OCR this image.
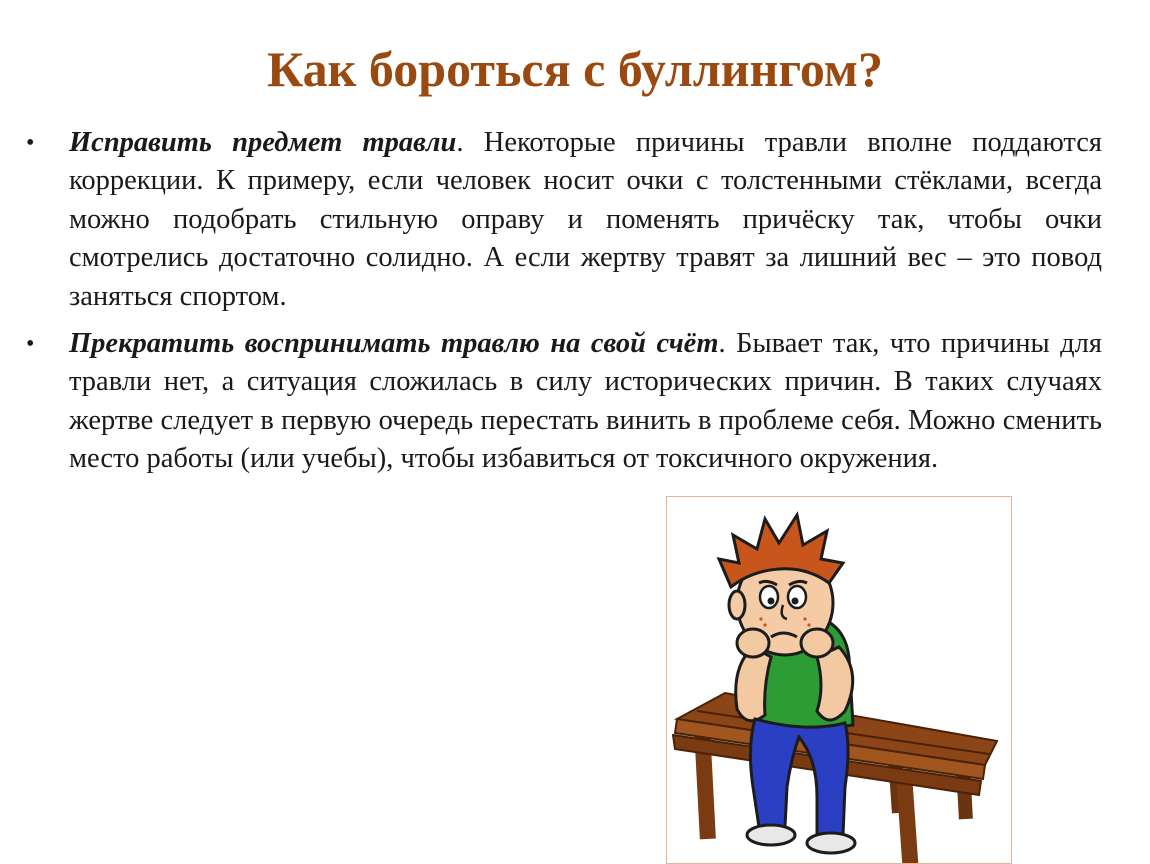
Как бороться с буллингом?
• Исправить предмет травли. Некоторые причины травли вполне поддаются коррекции. К примеру, если человек носит очки с толстенными стёклами, всегда можно подобрать стильную оправу и поменять причёску так, чтобы очки смотрелись достаточно солидно. А если жертву травят за лишний вес – это повод заняться спортом.
• Прекратить воспринимать травлю на свой счёт. Бывает так, что причины для травли нет, а ситуация сложилась в силу исторических причин. В таких случаях жертве следует в первую очередь перестать винить в проблеме себя. Можно сменить место работы (или учебы), чтобы избавиться от токсичного окружения.
